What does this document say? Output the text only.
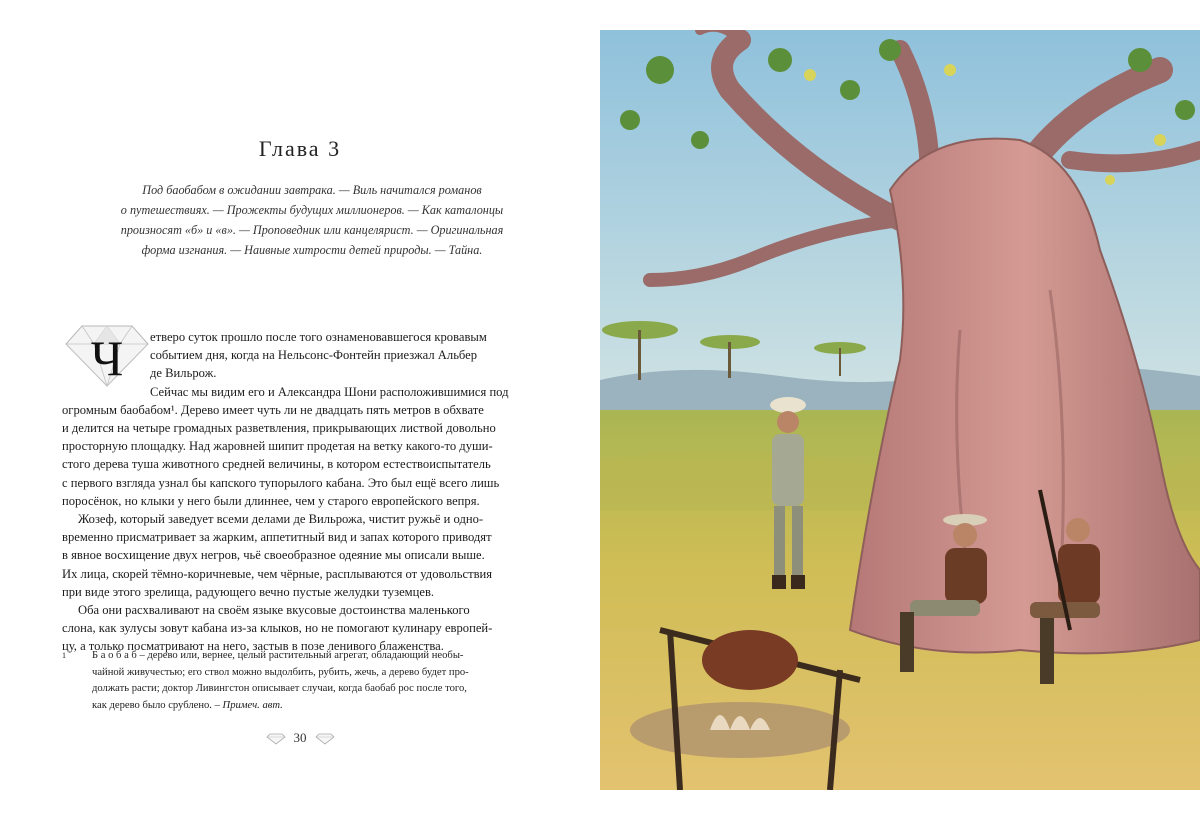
Глава 3
Под баобабом в ожидании завтрака. — Виль начитался романов
о путешествиях. — Прожекты будущих миллионеров. — Как каталонцы
произносят «б» и «в». — Проповедник или канцелярист. — Оригинальная
форма изгнания. — Наивные хитрости детей природы. — Тайна.
Ч	етверо суток прошло после того ознаменовавшегося кровавым
событием дня, когда на Нельсонс-Фонтейн приезжал Альбер
де Вильрож.
Сейчас мы видим его и Александра Шони расположившимися под
огромным баобабом¹. Дерево имеет чуть ли не двадцать пять метров в обхвате
и делится на четыре громадных разветвления, прикрывающих листвой довольно
просторную площадку. Над жаровней шипит продетая на ветку какого-то души-
стого дерева туша животного средней величины, в котором естествоиспытатель
с первого взгляда узнал бы капского тупорылого кабана. Это был ещё всего лишь
поросёнок, но клыки у него были длиннее, чем у старого европейского вепря.
Жозеф, который заведует всеми делами де Вильрожа, чистит ружьё и одно-
временно присматривает за жарким, аппетитный вид и запах которого приводят
в явное восхищение двух негров, чьё своеобразное одеяние мы описали выше.
Их лица, скорей тёмно-коричневые, чем чёрные, расплываются от удовольствия
при виде этого зрелища, радующего вечно пустые желудки туземцев.
Оба они расхваливают на своём языке вкусовые достоинства маленького
слона, как зулусы зовут кабана из-за клыков, но не помогают кулинару европей-
цу, а только посматривают на него, застыв в позе ленивого блаженства.
1 Б а о б а б – дерево или, вернее, целый растительный агрегат, обладающий необы-
чайной живучестью; его ствол можно выдолбить, рубить, жечь, а дерево будет про-
должать расти; доктор Ливингстон описывает случаи, когда баобаб рос после того,
как дерево было срублено. – Примеч. авт.
30
